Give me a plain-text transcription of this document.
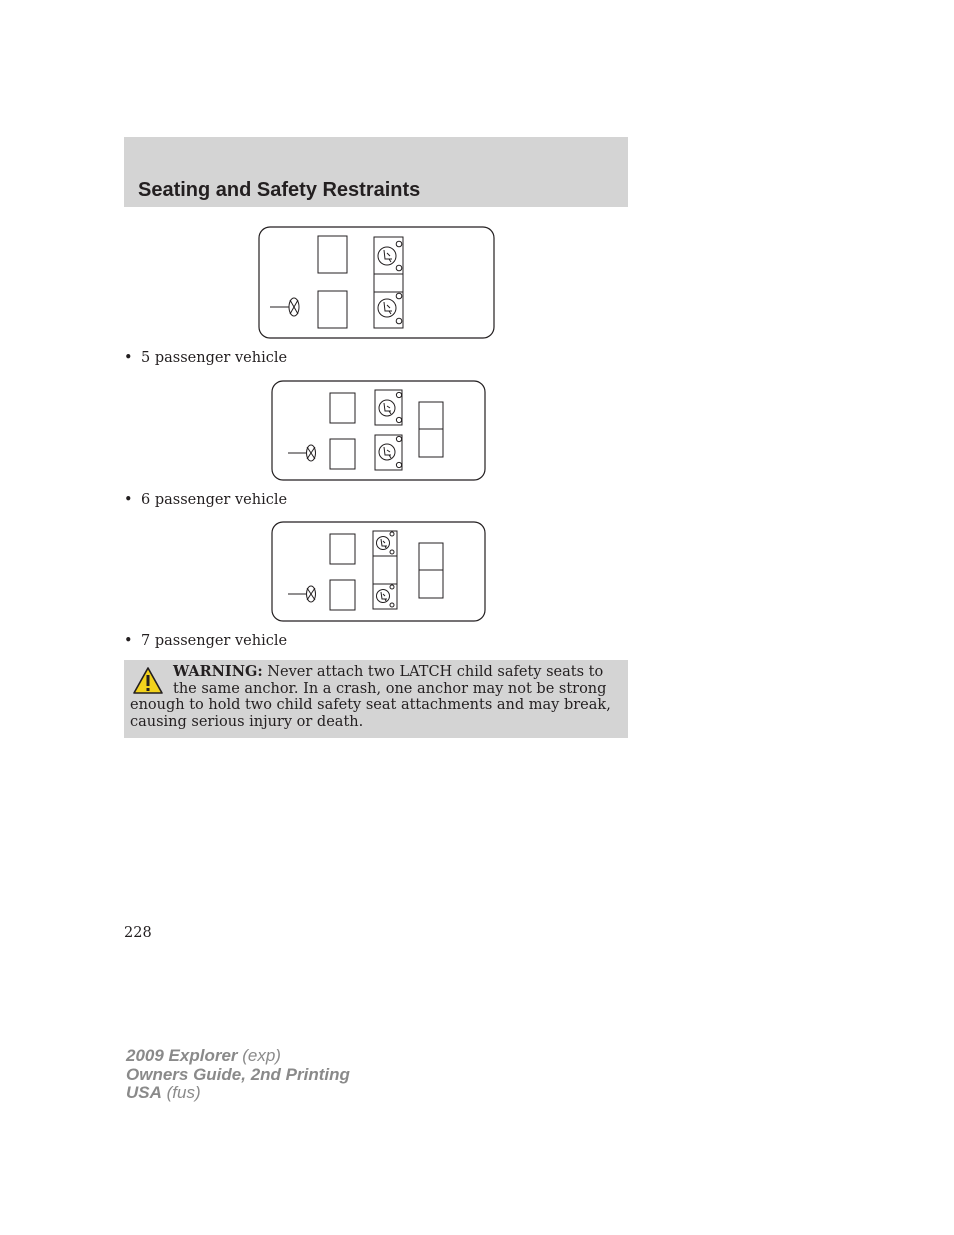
Seating and Safety Restraints
• 5 passenger vehicle
• 6 passenger vehicle
• 7 passenger vehicle

WARNING: Never attach two LATCH child safety seats to the same anchor. In a crash, one anchor may not be strong enough to hold two child safety seat attachments and may break, causing serious injury or death.

228
2009 Explorer (exp)
Owners Guide, 2nd Printing
USA (fus)
